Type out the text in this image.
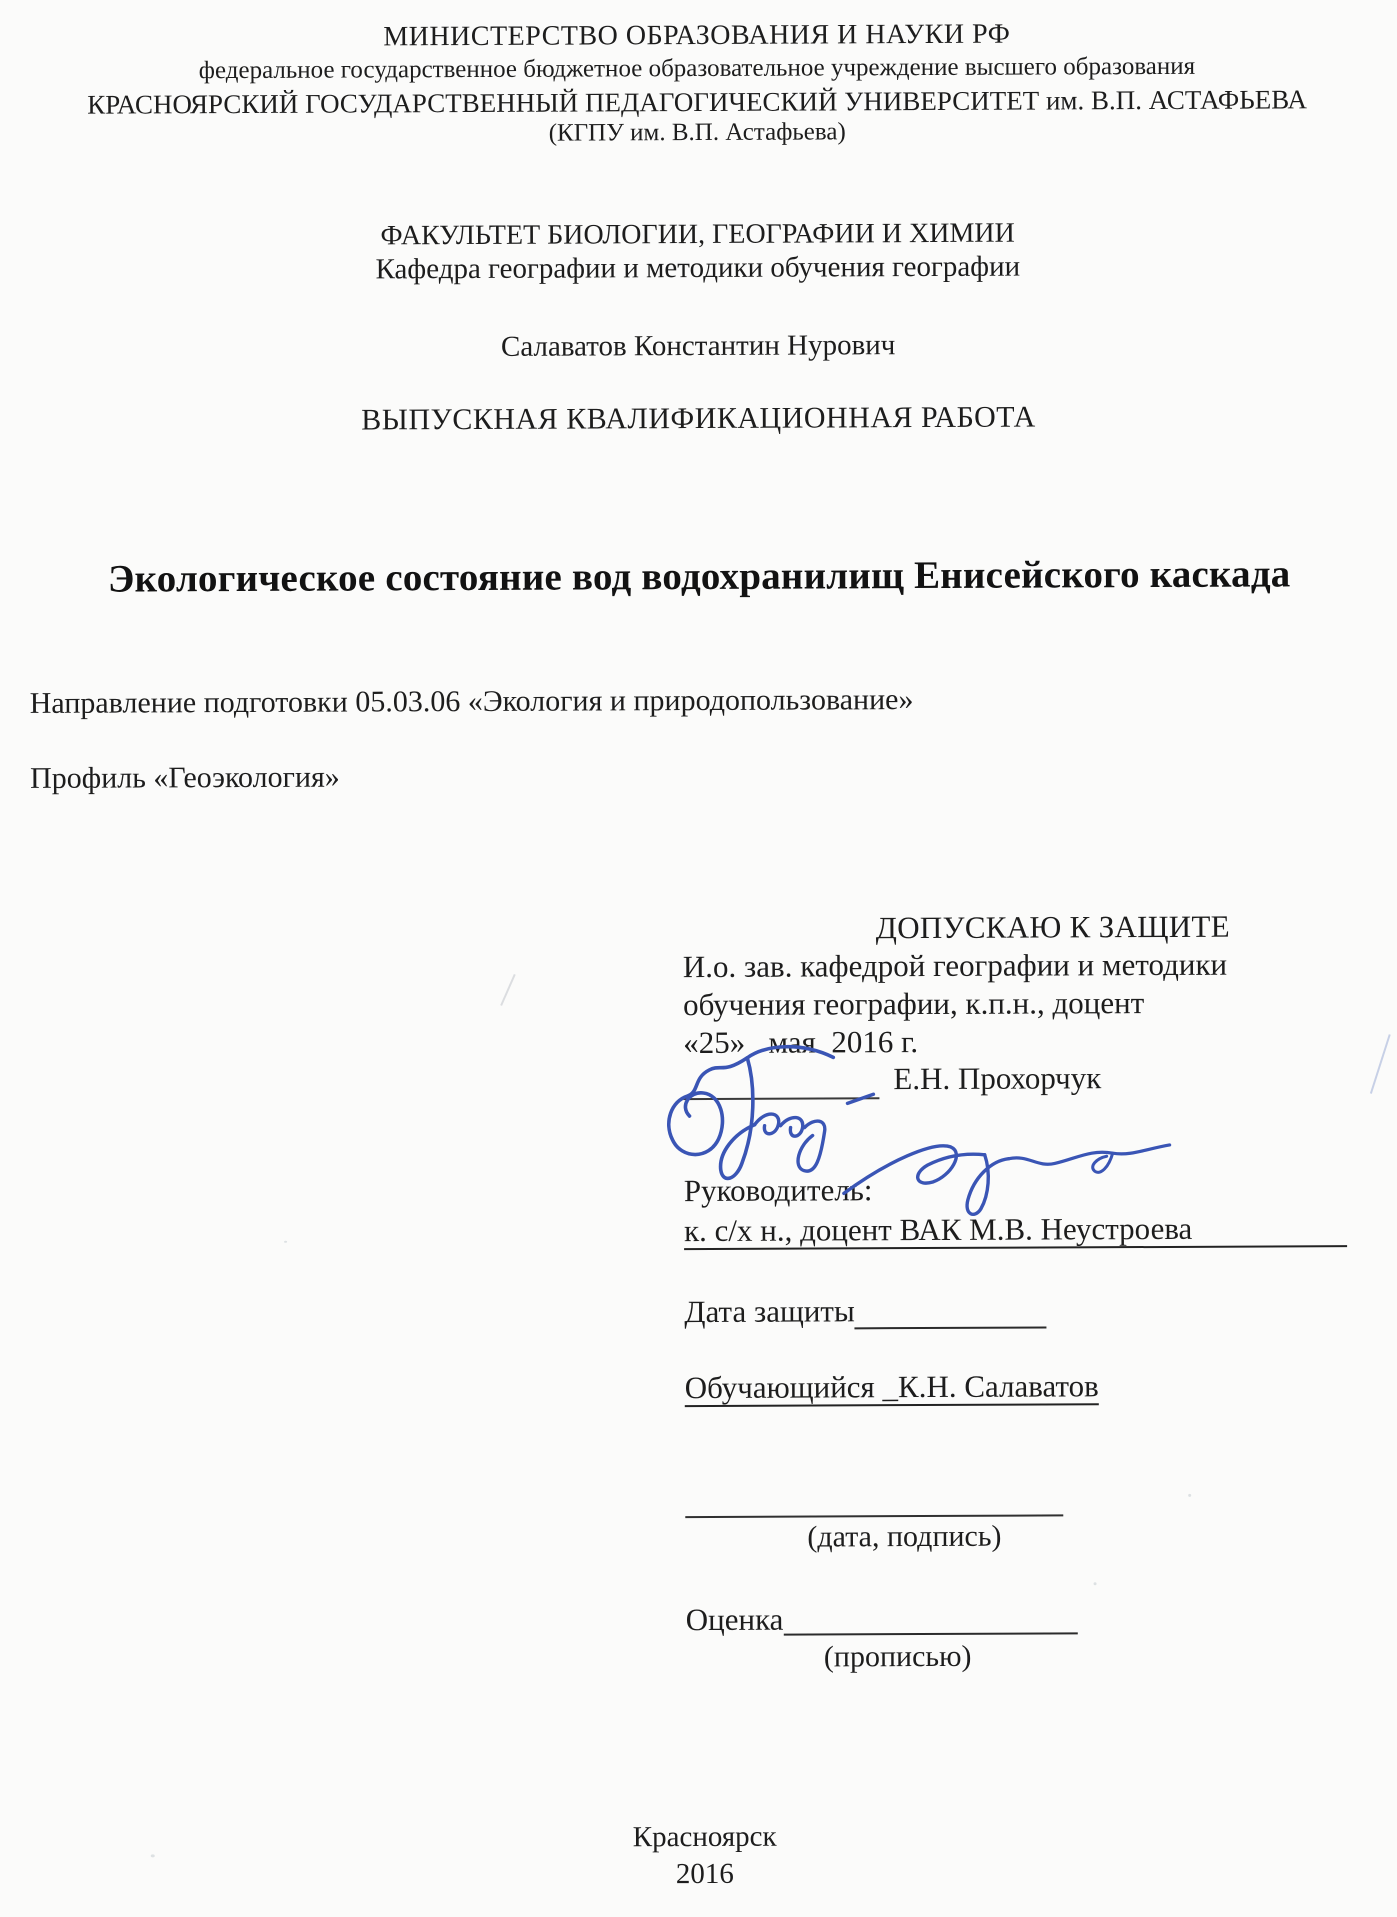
МИНИСТЕРСТВО ОБРАЗОВАНИЯ И НАУКИ РФ
федеральное государственное бюджетное образовательное учреждение высшего образования
КРАСНОЯРСКИЙ ГОСУДАРСТВЕННЫЙ ПЕДАГОГИЧЕСКИЙ УНИВЕРСИТЕТ им. В.П. АСТАФЬЕВА
(КГПУ им. В.П. Астафьева)
ФАКУЛЬТЕТ БИОЛОГИИ, ГЕОГРАФИИ И ХИМИИ
Кафедра географии и методики обучения географии
Салаватов Константин Нурович
ВЫПУСКНАЯ КВАЛИФИКАЦИОННАЯ РАБОТА
Экологическое состояние вод водохранилищ Енисейского каскада
Направление подготовки 05.03.06 «Экология и природопользование»
Профиль «Геоэкология»
ДОПУСКАЮ К ЗАЩИТЕ
И.о. зав. кафедрой географии и методики
обучения географии, к.п.н., доцент
«25»   мая  2016 г.
Е.Н. Прохорчук
Руководитель:
к. с/х н., доцент ВАК М.В. Неустроева
Дата защиты
Обучающийся _К.Н. Салаватов
(дата, подпись)
Оценка
(прописью)
Красноярск
2016
